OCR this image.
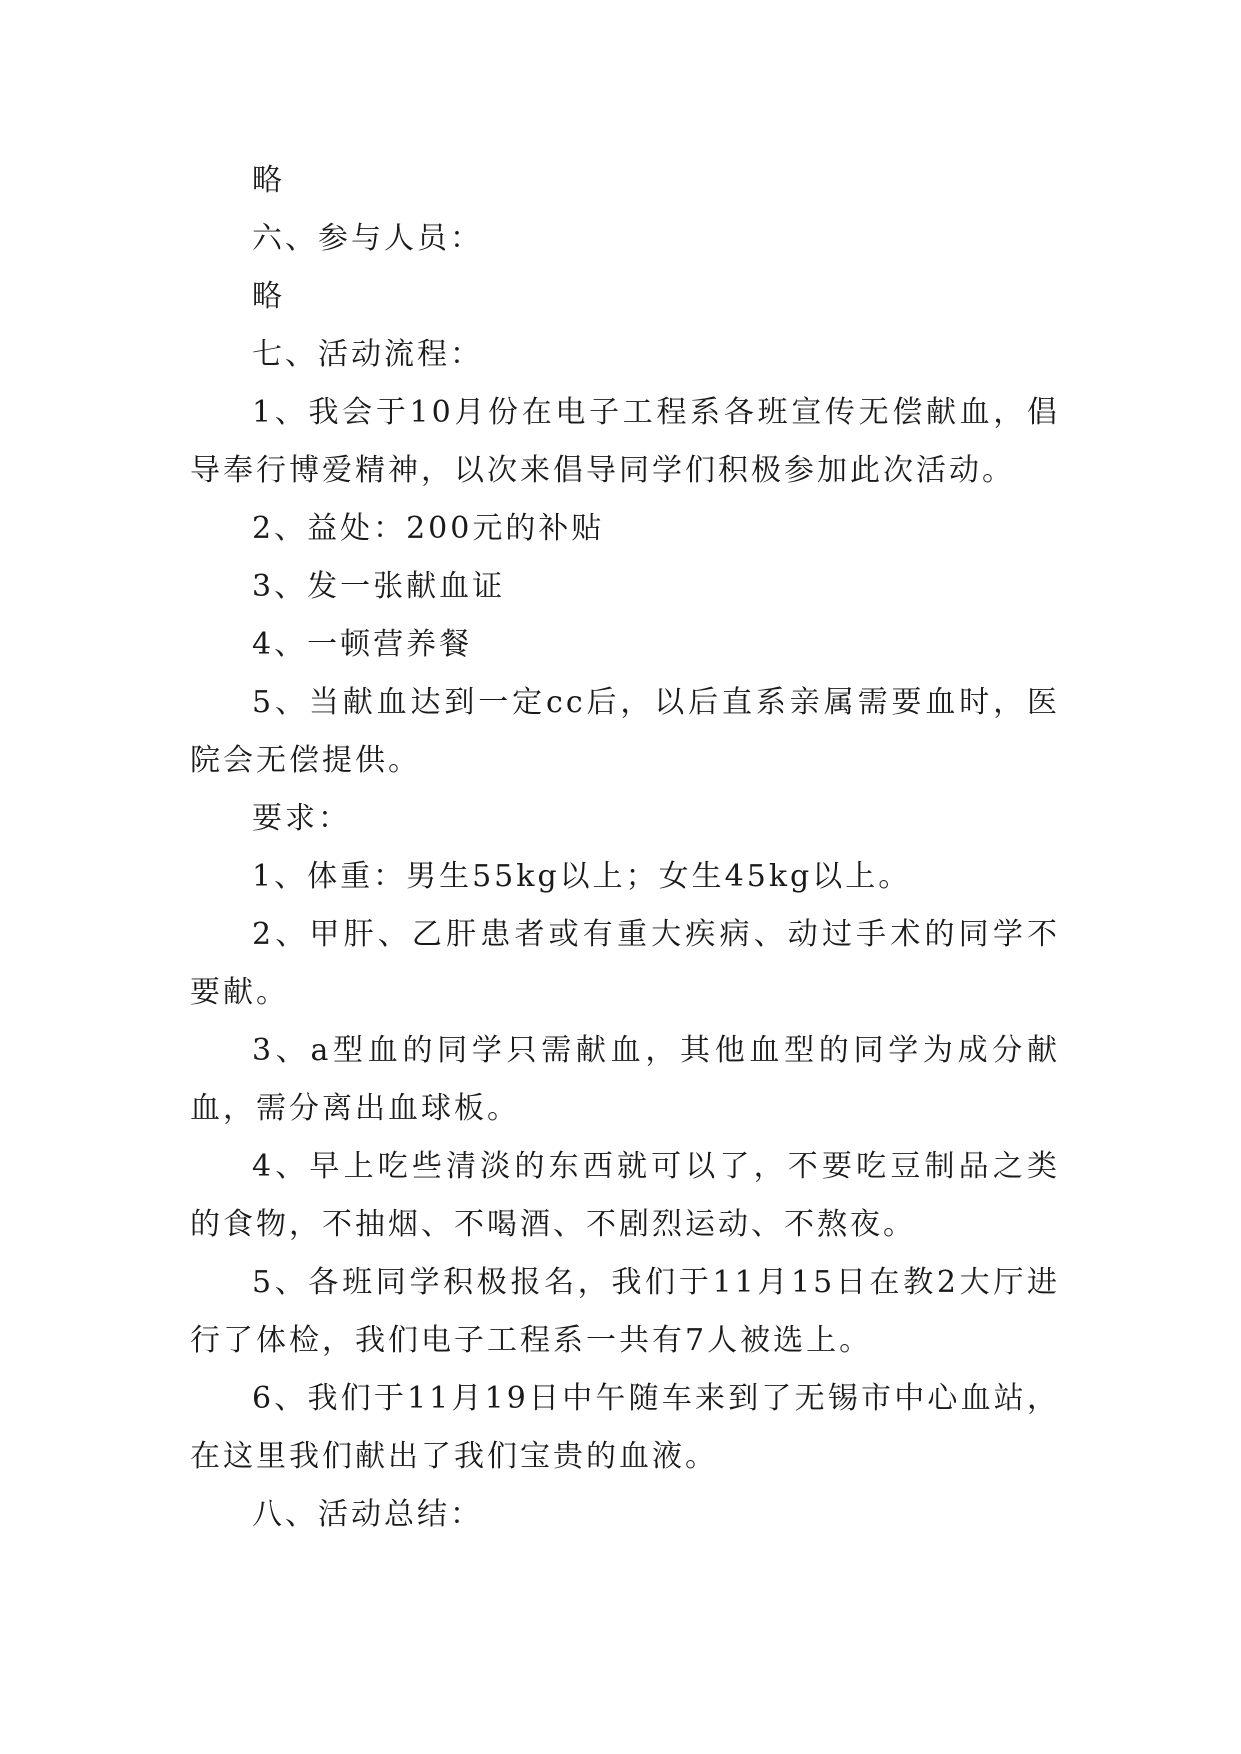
略

六、参与人员：

略

七、活动流程：

1、我会于10月份在电子工程系各班宣传无偿献血，倡导奉行博爱精神，以次来倡导同学们积极参加此次活动。

2、益处：200元的补贴

3、发一张献血证

4、一顿营养餐

5、当献血达到一定cc后，以后直系亲属需要血时，医院会无偿提供。

要求：

1、体重：男生55kg以上；女生45kg以上。

2、甲肝、乙肝患者或有重大疾病、动过手术的同学不要献。

3、a型血的同学只需献血，其他血型的同学为成分献血，需分离出血球板。

4、早上吃些清淡的东西就可以了，不要吃豆制品之类的食物，不抽烟、不喝酒、不剧烈运动、不熬夜。

5、各班同学积极报名，我们于11月15日在教2大厅进行了体检，我们电子工程系一共有7人被选上。

6、我们于11月19日中午随车来到了无锡市中心血站，在这里我们献出了我们宝贵的血液。

八、活动总结：
